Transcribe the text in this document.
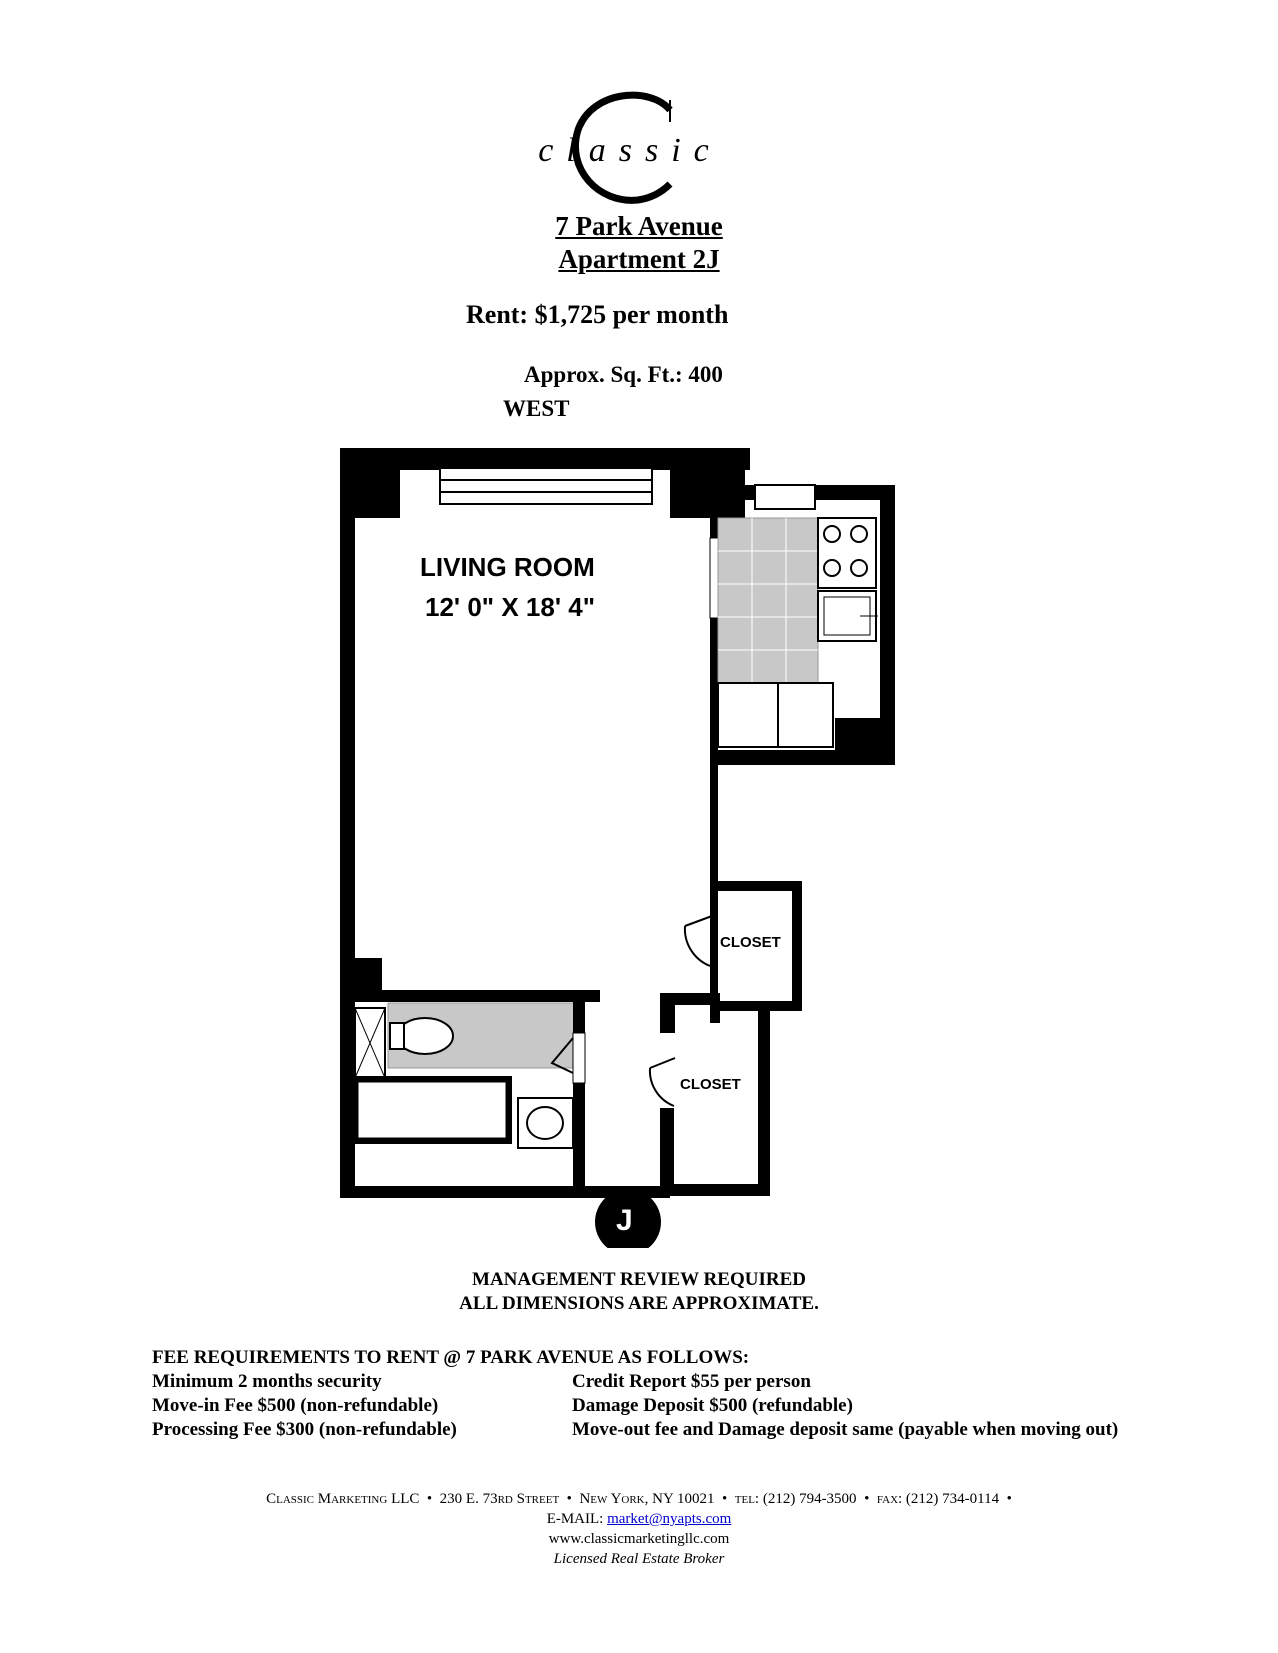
classic
7 Park Avenue
Apartment 2J
Rent: $1,725 per month
Approx. Sq. Ft.: 400
WEST
LIVING ROOM
12' 0" X 18' 4"
CLOSET
CLOSET
J
MANAGEMENT REVIEW REQUIRED
ALL DIMENSIONS ARE APPROXIMATE.
FEE REQUIREMENTS TO RENT @ 7 PARK AVENUE AS FOLLOWS:
Minimum 2 months security
Move-in Fee $500 (non-refundable)
Processing Fee $300 (non-refundable)
Credit Report $55 per person
Damage Deposit $500 (refundable)
Move-out fee and Damage deposit same (payable when moving out)
Classic Marketing LLC  •  230 E. 73rd Street  •  New York, NY 10021  •  tel: (212) 794-3500  •  fax: (212) 734-0114  •
E-MAIL: market@nyapts.com
www.classicmarketingllc.com
Licensed Real Estate Broker
